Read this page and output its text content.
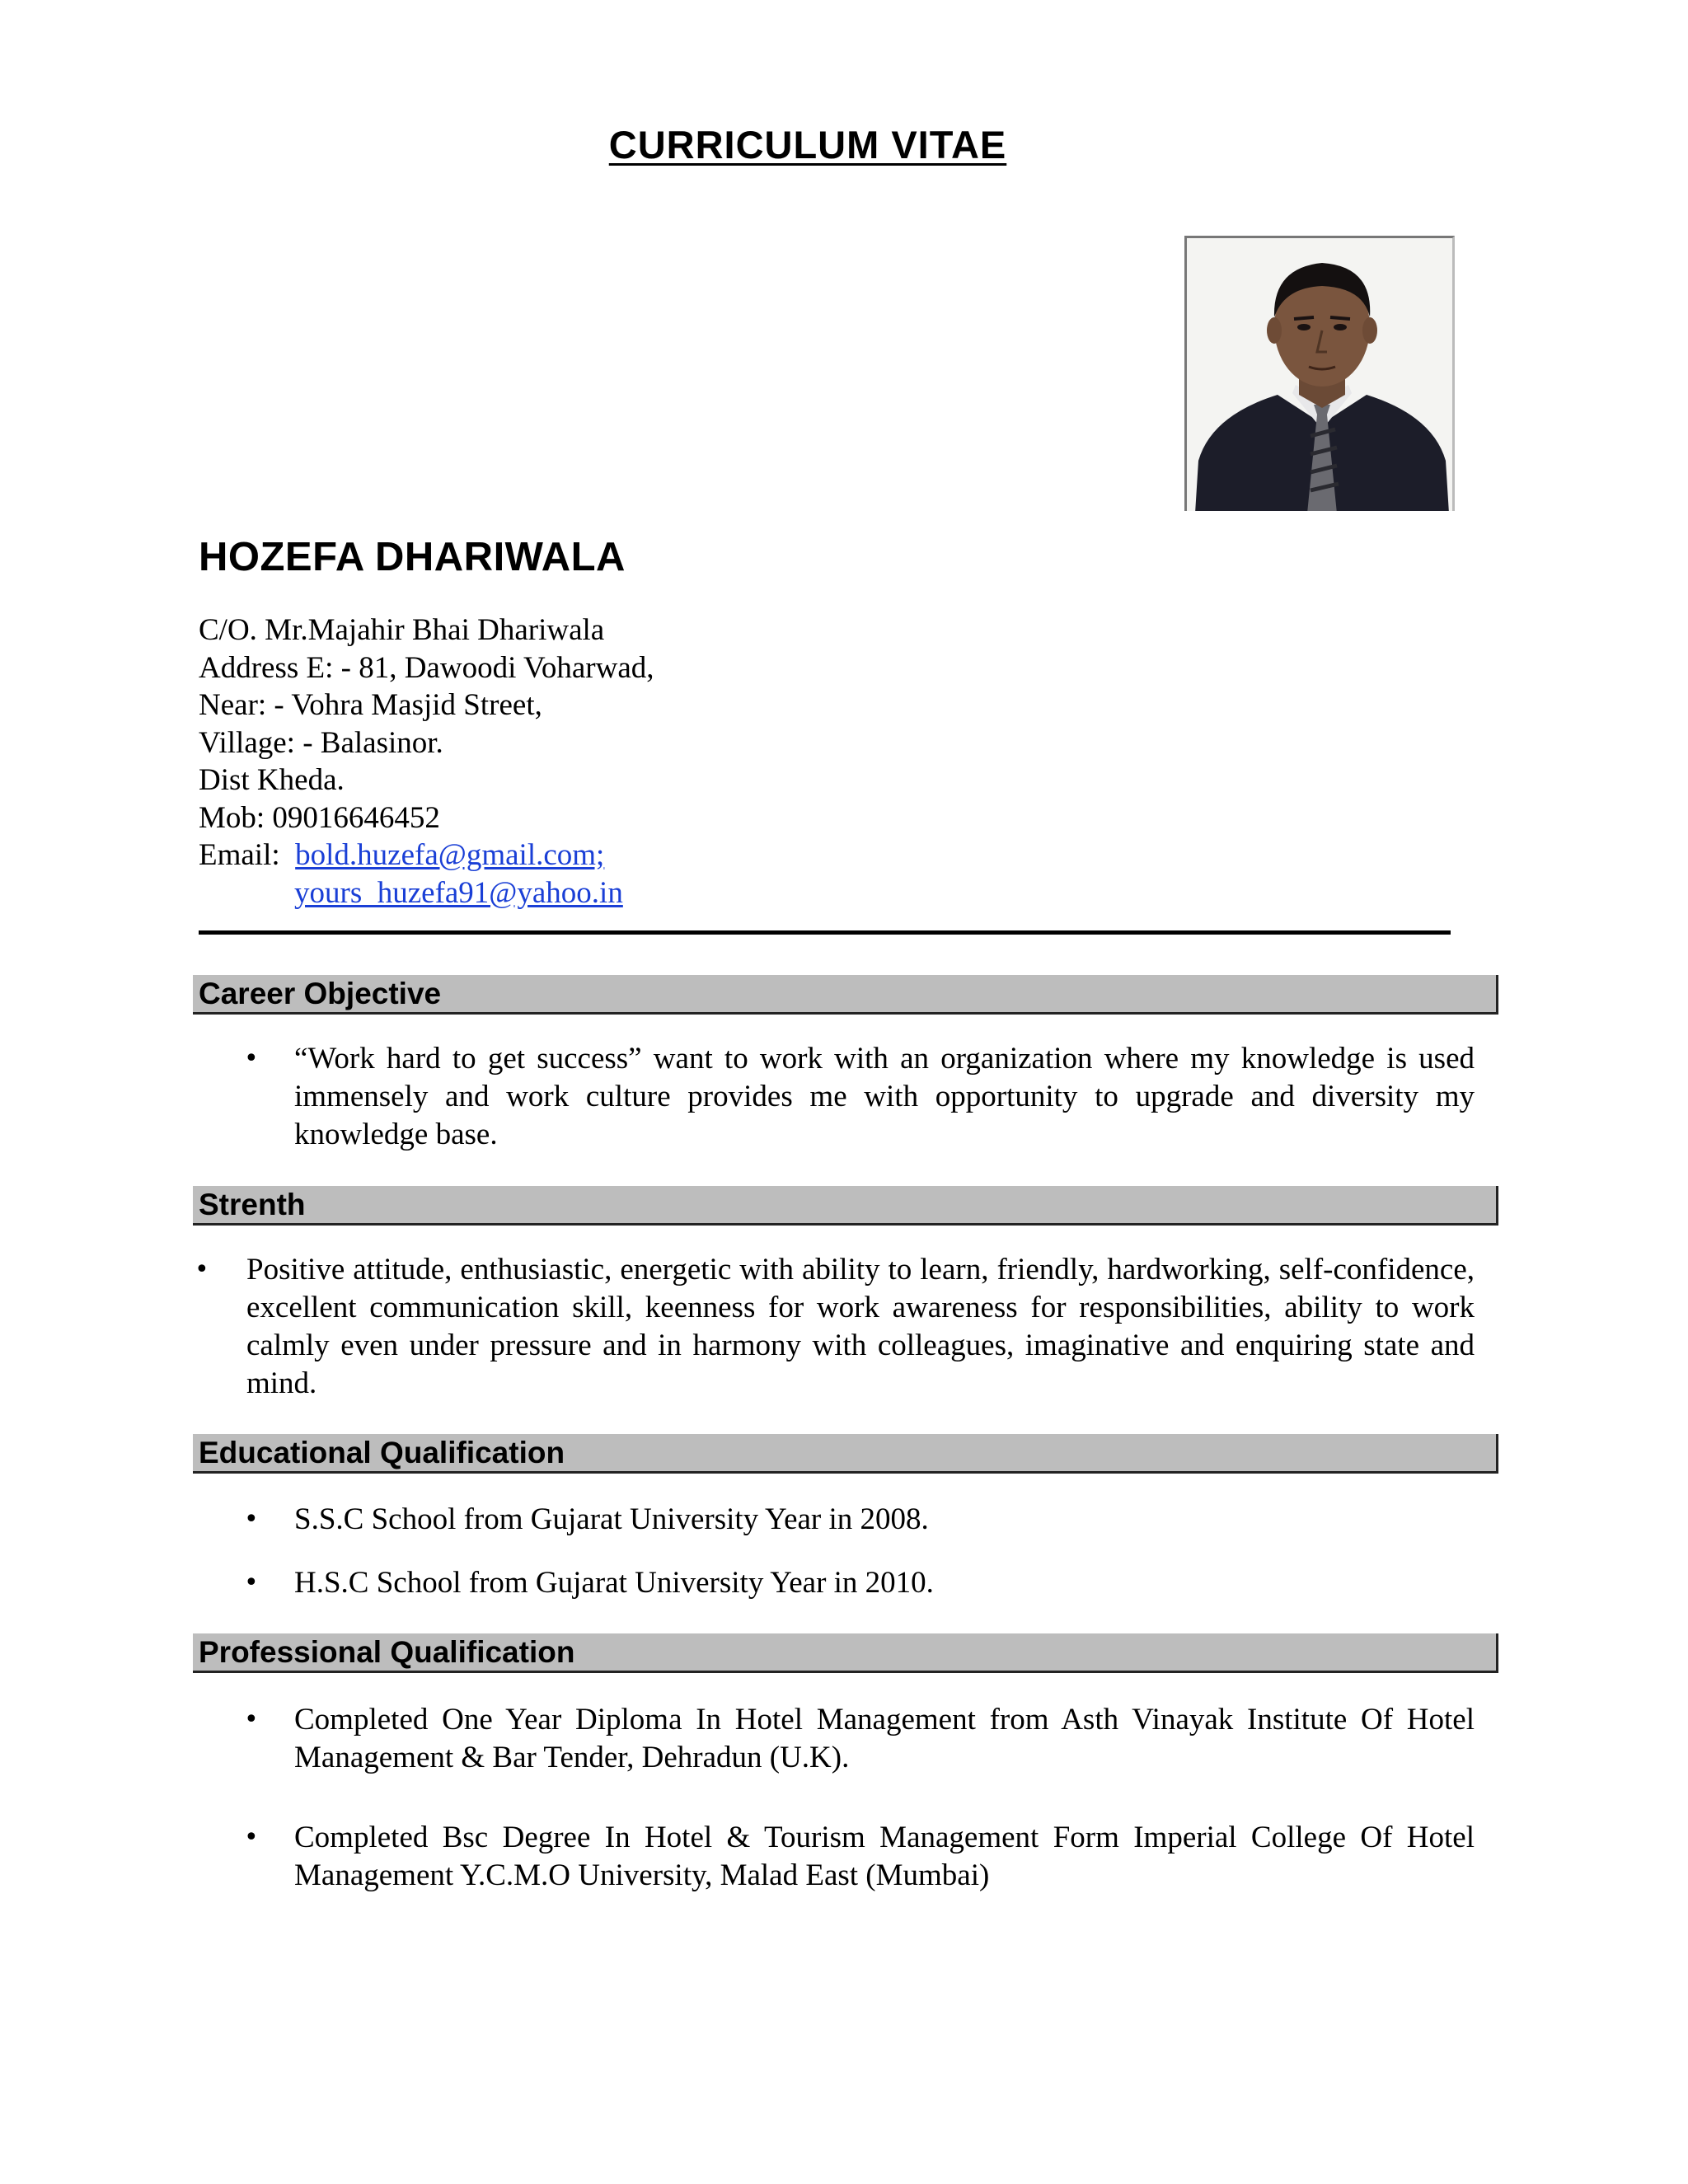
CURRICULUM VITAE
HOZEFA DHARIWALA
C/O. Mr.Majahir Bhai Dhariwala
Address E: - 81, Dawoodi Voharwad,
Near: - Vohra Masjid Street,
Village: - Balasinor.
Dist Kheda.
Mob: 09016646452
Email: bold.huzefa@gmail.com;
yours_huzefa91@yahoo.in
Career Objective
• “Work hard to get success” want to work with an organization where my knowledge is used immensely and work culture provides me with opportunity to upgrade and diversity my knowledge base.
Strenth
• Positive attitude, enthusiastic, energetic with ability to learn, friendly, hardworking, self-confidence, excellent communication skill, keenness for work awareness for responsibilities, ability to work calmly even under pressure and in harmony with colleagues, imaginative and enquiring state and mind.
Educational Qualification
• S.S.C School from Gujarat University Year in 2008.
• H.S.C School from Gujarat University Year in 2010.
Professional Qualification
• Completed One Year Diploma In Hotel Management from Asth Vinayak Institute Of Hotel Management & Bar Tender, Dehradun (U.K).
• Completed Bsc Degree In Hotel & Tourism Management Form Imperial College Of Hotel Management Y.C.M.O University, Malad East (Mumbai)
